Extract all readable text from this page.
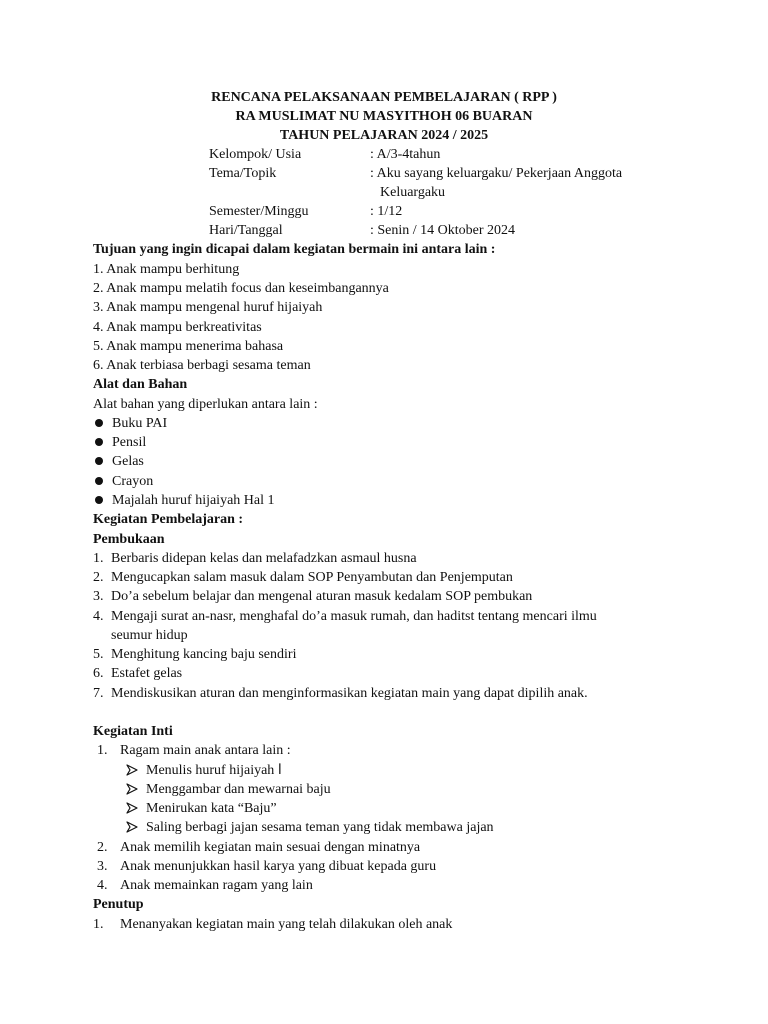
RENCANA PELAKSANAAN PEMBELAJARAN ( RPP )
RA MUSLIMAT NU MASYITHOH 06 BUARAN
TAHUN PELAJARAN 2024 / 2025
Kelompok/ Usia	: A/3-4tahun
Tema/Topik	: Aku sayang keluargaku/ Pekerjaan Anggota
Keluargaku
Semester/Minggu	: 1/12
Hari/Tanggal	: Senin / 14 Oktober 2024
Tujuan yang ingin dicapai dalam kegiatan bermain ini antara lain :
1. Anak mampu berhitung
2. Anak mampu melatih focus dan keseimbangannya
3. Anak mampu mengenal huruf hijaiyah
4. Anak mampu berkreativitas
5. Anak mampu menerima bahasa
6. Anak terbiasa berbagi sesama teman
Alat dan Bahan
Alat bahan yang diperlukan antara lain :
Buku PAI
Pensil
Gelas
Crayon
Majalah huruf hijaiyah Hal 1
Kegiatan Pembelajaran :
Pembukaan
1. Berbaris didepan kelas dan melafadzkan asmaul husna
2. Mengucapkan salam masuk dalam SOP Penyambutan dan Penjemputan
3. Do’a sebelum belajar dan mengenal aturan masuk kedalam SOP pembukan
4. Mengaji surat an-nasr, menghafal do’a masuk rumah, dan haditst tentang mencari ilmu
seumur hidup
5. Menghitung kancing baju sendiri
6. Estafet gelas
7. Mendiskusikan aturan dan menginformasikan kegiatan main yang dapat dipilih anak.
Kegiatan Inti
1. Ragam main anak antara lain :
Menulis huruf hijaiyah ا
Menggambar dan mewarnai baju
Menirukan kata “Baju”
Saling berbagi jajan sesama teman yang tidak membawa jajan
2. Anak memilih kegiatan main sesuai dengan minatnya
3. Anak menunjukkan hasil karya yang dibuat kepada guru
4. Anak memainkan ragam yang lain
Penutup
1. Menanyakan kegiatan main yang telah dilakukan oleh anak
